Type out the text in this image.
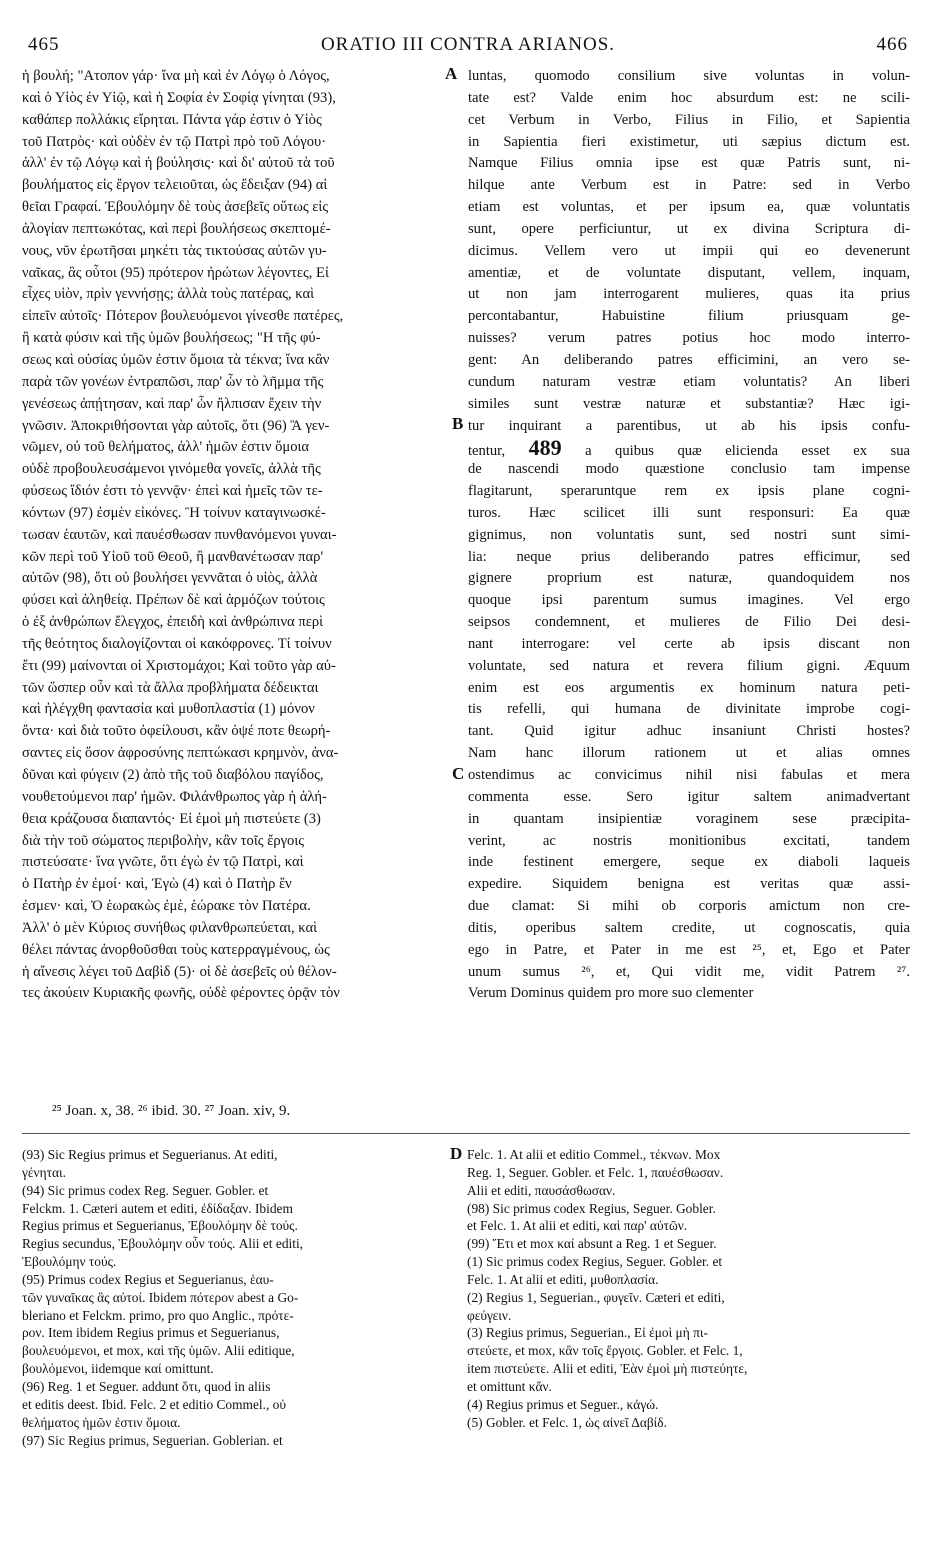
465	ORATIO III CONTRA ARIANOS.	466
ἡ βουλή; "Ατοπον γάρ· ἵνα μὴ καὶ ἐν Λόγῳ ὁ Λόγος,
καὶ ὁ Υἱὸς ἐν Υἱῷ, καὶ ἡ Σοφία ἐν Σοφίᾳ γίνηται (93),
καθάπερ πολλάκις εἴρηται. Πάντα γάρ ἐστιν ὁ Υἱὸς
τοῦ Πατρὸς· καὶ οὐδὲν ἐν τῷ Πατρὶ πρὸ τοῦ Λόγου·
ἀλλ' ἐν τῷ Λόγῳ καὶ ἡ βούλησις· καὶ δι' αὐτοῦ τὰ τοῦ
βουλήματος εἰς ἔργον τελειοῦται, ὡς ἔδειξαν (94) αἱ
θεῖαι Γραφαί. Ἐβουλόμην δὲ τοὺς ἀσεβεῖς οὕτως εἰς
ἀλογίαν πεπτωκότας, καὶ περὶ βουλήσεως σκεπτομέ-
νους, νῦν ἐρωτῆσαι μηκέτι τὰς τικτούσας αὐτῶν γυ-
ναῖκας, ἃς οὗτοι (95) πρότερον ἠρώτων λέγοντες, Εἰ
εἶχες υἱὸν, πρὶν γεννήσῃς; ἀλλὰ τοὺς πατέρας, καὶ
εἰπεῖν αὐτοῖς· Πότερον βουλευόμενοι γίνεσθε πατέρες,
ἢ κατὰ φύσιν καὶ τῆς ὑμῶν βουλήσεως; "Η τῆς φύ-
σεως καὶ οὐσίας ὑμῶν ἐστιν ὅμοια τὰ τέκνα; ἵνα κἂν
παρὰ τῶν γονέων ἐντραπῶσι, παρ' ὧν τὸ λῆμμα τῆς
γενέσεως ἀπῄτησαν, καὶ παρ' ὧν ἤλπισαν ἔχειν τὴν
γνῶσιν. Ἀποκριθήσονται γὰρ αὐτοῖς, ὅτι (96) Ἃ γεν-
νῶμεν, οὐ τοῦ θελήματος, ἀλλ' ἡμῶν ἐστιν ὅμοια
οὐδὲ προβουλευσάμενοι γινόμεθα γονεῖς, ἀλλὰ τῆς
φύσεως ἴδιόν ἐστι τὸ γεννᾷν· ἐπεὶ καὶ ἡμεῖς τῶν τε-
κόντων (97) ἐσμὲν εἰκόνες. Ἢ τοίνυν καταγινωσκέ-
τωσαν ἑαυτῶν, καὶ παυέσθωσαν πυνθανόμενοι γυναι-
κῶν περὶ τοῦ Υἱοῦ τοῦ Θεοῦ, ἢ μανθανέτωσαν παρ'
αὐτῶν (98), ὅτι οὐ βουλήσει γεννᾶται ὁ υἱὸς, ἀλλὰ
φύσει καὶ ἀληθείᾳ. Πρέπων δὲ καὶ ἁρμόζων τούτοις
ὁ ἐξ ἀνθρώπων ἔλεγχος, ἐπειδὴ καὶ ἀνθρώπινα περὶ
τῆς θεότητος διαλογίζονται οἱ κακόφρονες. Τί τοίνυν
ἔτι (99) μαίνονται οἱ Χριστομάχοι; Καὶ τοῦτο γὰρ αὐ-
τῶν ὥσπερ οὖν καὶ τὰ ἄλλα προβλήματα δέδεικται
καὶ ἠλέγχθη φαντασία καὶ μυθοπλαστία (1) μόνον
ὄντα· καὶ διὰ τοῦτο ὀφείλουσι, κἂν ὀψέ ποτε θεωρή-
σαντες εἰς ὅσον ἀφροσύνης πεπτώκασι κρημνὸν, ἀνα-
δῦναι καὶ φύγειν (2) ἀπὸ τῆς τοῦ διαβόλου παγίδος,
νουθετούμενοι παρ' ἡμῶν. Φιλάνθρωπος γὰρ ἡ ἀλή-
θεια κράζουσα διαπαντός· Εἰ ἐμοὶ μὴ πιστεύετε (3)
διὰ τὴν τοῦ σώματος περιβολὴν, κἂν τοῖς ἔργοις
πιστεύσατε· ἵνα γνῶτε, ὅτι ἐγὼ ἐν τῷ Πατρὶ, καὶ
ὁ Πατὴρ ἐν ἐμοί· καὶ, Ἐγὼ (4) καὶ ὁ Πατὴρ ἕν
ἐσμεν· καὶ, Ὁ ἑωρακὼς ἐμὲ, ἑώρακε τὸν Πατέρα.
Ἀλλ' ὁ μὲν Κύριος συνήθως φιλανθρωπεύεται, καὶ
θέλει πάντας ἀνορθοῦσθαι τοὺς κατερραγμένους, ὡς
ἡ αἴνεσις λέγει τοῦ Δαβὶδ (5)· οἱ δὲ ἀσεβεῖς οὐ θέλον-
τες ἀκούειν Κυριακῆς φωνῆς, οὐδὲ φέροντες ὁρᾷν τὸν
luntas, quomodo consilium sive voluntas in volun-
tate est? Valde enim hoc absurdum est: ne scili-
cet Verbum in Verbo, Filius in Filio, et Sapientia
in Sapientia fieri existimetur, uti sæpius dictum est.
Namque Filius omnia ipse est quæ Patris sunt, ni-
hilque ante Verbum est in Patre: sed in Verbo
etiam est voluntas, et per ipsum ea, quæ voluntatis
sunt, opere perficiuntur, ut ex divina Scriptura di-
dicimus. Vellem vero ut impii qui eo devenerunt
amentiæ, et de voluntate disputant, vellem, inquam,
ut non jam interrogarent mulieres, quas ita prius
percontabantur, Habuistine filium priusquam ge-
nuisses? verum patres potius hoc modo interro-
gent: An deliberando patres efficimini, an vero se-
cundum naturam vestræ etiam voluntatis? An liberi
similes sunt vestræ naturæ et substantiæ? Hæc igi-
tur inquirant a parentibus, ut ab his ipsis confu-
tentur, 489 a quibus quæ elicienda esset ex sua
de nascendi modo quæstione conclusio tam impense
flagitarunt, speraruntque rem ex ipsis plane cogni-
turos. Hæc scilicet illi sunt responsuri: Ea quæ
gignimus, non voluntatis sunt, sed nostri sunt simi-
lia: neque prius deliberando patres efficimur, sed
gignere proprium est naturæ, quandoquidem nos
quoque ipsi parentum sumus imagines. Vel ergo
seipsos condemnent, et mulieres de Filio Dei desi-
nant interrogare: vel certe ab ipsis discant non
voluntate, sed natura et revera filium gigni. Æquum
enim est eos argumentis ex hominum natura peti-
tis refelli, qui humana de divinitate improbe cogi-
tant. Quid igitur adhuc insaniunt Christi hostes?
Nam hanc illorum rationem ut et alias omnes
ostendimus ac convicimus nihil nisi fabulas et mera
commenta esse. Sero igitur saltem animadvertant
in quantam insipientiæ voraginem sese præcipita-
verint, ac nostris monitionibus excitati, tandem
inde festinent emergere, seque ex diaboli laqueis
expedire. Siquidem benigna est veritas quæ assi-
due clamat: Si mihi ob corporis amictum non cre-
ditis, operibus saltem credite, ut cognoscatis, quia
ego in Patre, et Pater in me est ²⁵, et, Ego et Pater
unum sumus ²⁶, et, Qui vidit me, vidit Patrem ²⁷.
Verum Dominus quidem pro more suo clementer
A
B
C
D
²⁵ Joan. x, 38. ²⁶ ibid. 30. ²⁷ Joan. xiv, 9.
(93) Sic Regius primus et Seguerianus. At editi,
γένηται.
(94) Sic primus codex Reg. Seguer. Gobler. et
Felckm. 1. Cæteri autem et editi, ἐδίδαξαν. Ibidem
Regius primus et Seguerianus, Ἐβουλόμην δὲ τούς.
Regius secundus, Ἐβουλόμην οὖν τούς. Alii et editi,
Ἐβουλόμην τούς.
(95) Primus codex Regius et Seguerianus, ἑαυ-
τῶν γυναῖκας ἃς αὐτοί. Ibidem πότερον abest a Go-
bleriano et Felckm. primo, pro quo Anglic., πρότε-
ρον. Item ibidem Regius primus et Seguerianus,
βουλευόμενοι, et mox, καὶ τῆς ὑμῶν. Alii editique,
βουλόμενοι, iidemque καί omittunt.
(96) Reg. 1 et Seguer. addunt ὅτι, quod in aliis
et editis deest. Ibid. Felc. 2 et editio Commel., οὐ
θελήματος ἡμῶν ἐστιν ὅμοια.
(97) Sic Regius primus, Seguerian. Goblerian. et
Felc. 1. At alii et editio Commel., τέκνων. Mox
Reg. 1, Seguer. Gobler. et Felc. 1, παυέσθωσαν.
Alii et editi, παυσάσθωσαν.
(98) Sic primus codex Regius, Seguer. Gobler.
et Felc. 1. At alii et editi, καὶ παρ' αὐτῶν.
(99) Ἔτι et mox καί absunt a Reg. 1 et Seguer.
(1) Sic primus codex Regius, Seguer. Gobler. et
Felc. 1. At alii et editi, μυθοπλασία.
(2) Regius 1, Seguerian., φυγεῖν. Cæteri et editi,
φεύγειν.
(3) Regius primus, Seguerian., Εἰ ἐμοὶ μὴ πι-
στεύετε, et mox, κἂν τοῖς ἔργοις. Gobler. et Felc. 1,
item πιστεύετε. Alii et editi, Ἐὰν ἐμοὶ μὴ πιστεύητε,
et omittunt κἄν.
(4) Regius primus et Seguer., κἀγώ.
(5) Gobler. et Felc. 1, ὡς αἰνεῖ Δαβίδ.
